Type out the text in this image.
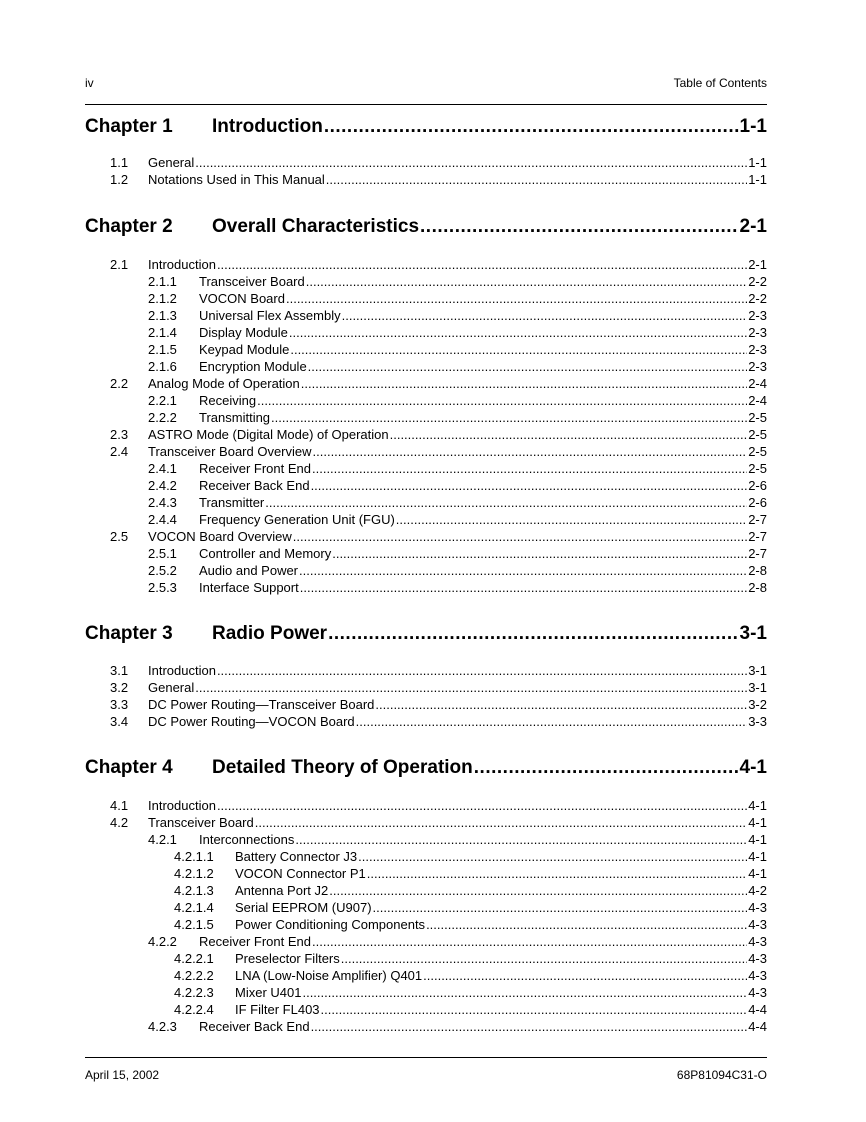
iv	Table of Contents
Chapter 1	Introduction .....	1-1
1.1	General .....	1-1
1.2	Notations Used in This Manual .....	1-1
Chapter 2	Overall Characteristics .....	2-1
2.1	Introduction .....	2-1
2.1.1	Transceiver Board .....	2-2
2.1.2	VOCON Board .....	2-2
2.1.3	Universal Flex Assembly .....	2-3
2.1.4	Display Module .....	2-3
2.1.5	Keypad Module .....	2-3
2.1.6	Encryption Module .....	2-3
2.2	Analog Mode of Operation .....	2-4
2.2.1	Receiving .....	2-4
2.2.2	Transmitting .....	2-5
2.3	ASTRO Mode (Digital Mode) of Operation .....	2-5
2.4	Transceiver Board Overview .....	2-5
2.4.1	Receiver Front End .....	2-5
2.4.2	Receiver Back End .....	2-6
2.4.3	Transmitter .....	2-6
2.4.4	Frequency Generation Unit (FGU) .....	2-7
2.5	VOCON Board Overview .....	2-7
2.5.1	Controller and Memory .....	2-7
2.5.2	Audio and Power .....	2-8
2.5.3	Interface Support .....	2-8
Chapter 3	Radio Power .....	3-1
3.1	Introduction .....	3-1
3.2	General .....	3-1
3.3	DC Power Routing—Transceiver Board .....	3-2
3.4	DC Power Routing—VOCON Board .....	3-3
Chapter 4	Detailed Theory of Operation .....	4-1
4.1	Introduction .....	4-1
4.2	Transceiver Board .....	4-1
4.2.1	Interconnections .....	4-1
4.2.1.1	Battery Connector J3 .....	4-1
4.2.1.2	VOCON Connector P1 .....	4-1
4.2.1.3	Antenna Port J2 .....	4-2
4.2.1.4	Serial EEPROM (U907) .....	4-3
4.2.1.5	Power Conditioning Components .....	4-3
4.2.2	Receiver Front End .....	4-3
4.2.2.1	Preselector Filters .....	4-3
4.2.2.2	LNA (Low-Noise Amplifier) Q401 .....	4-3
4.2.2.3	Mixer U401 .....	4-3
4.2.2.4	IF Filter FL403 .....	4-4
4.2.3	Receiver Back End .....	4-4
April 15, 2002	68P81094C31-O
